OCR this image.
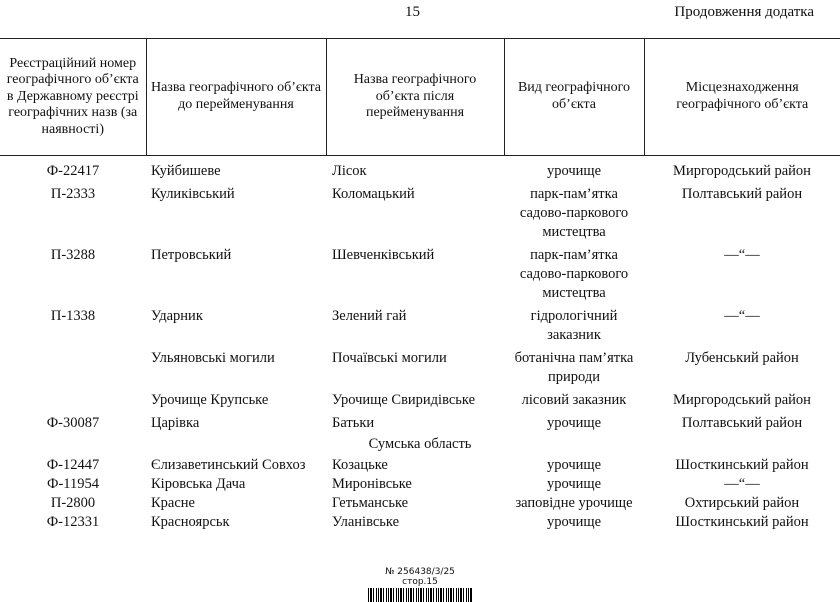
15	Продовження додатка
Реєстраційний номер географічного об’єкта в Державному реєстрі географічних назв (за наявності)	Назва географічного об’єкта до перейменування	Назва географічного об’єкта після перейменування	Вид географічного об’єкта	Місцезнаходження географічного об’єкта
Ф-22417	Куйбишеве	Лісок	урочище	Миргородський район
П-2333	Куликівський	Коломацький	парк-пам’ятка садово-паркового мистецтва	Полтавський район
П-3288	Петровський	Шевченківський	парк-пам’ятка садово-паркового мистецтва	—“—
П-1338	Ударник	Зелений гай	гідрологічний заказник	—“—
	Ульяновські могили	Почаївські могили	ботанічна пам’ятка природи	Лубенський район
	Урочище Крупське	Урочище Свиридівське	лісовий заказник	Миргородський район
Ф-30087	Царівка	Батьки	урочище	Полтавський район
Сумська область				
Ф-12447	Єлизаветинський Совхоз	Козацьке	урочище	Шосткинський район
Ф-11954	Кіровська Дача	Миронівське	урочище	—“—
П-2800	Красне	Гетьманське	заповідне урочище	Охтирський район
Ф-12331	Красноярськ	Уланівське	урочище	Шосткинський район
№ 256438/3/25 стор.15
